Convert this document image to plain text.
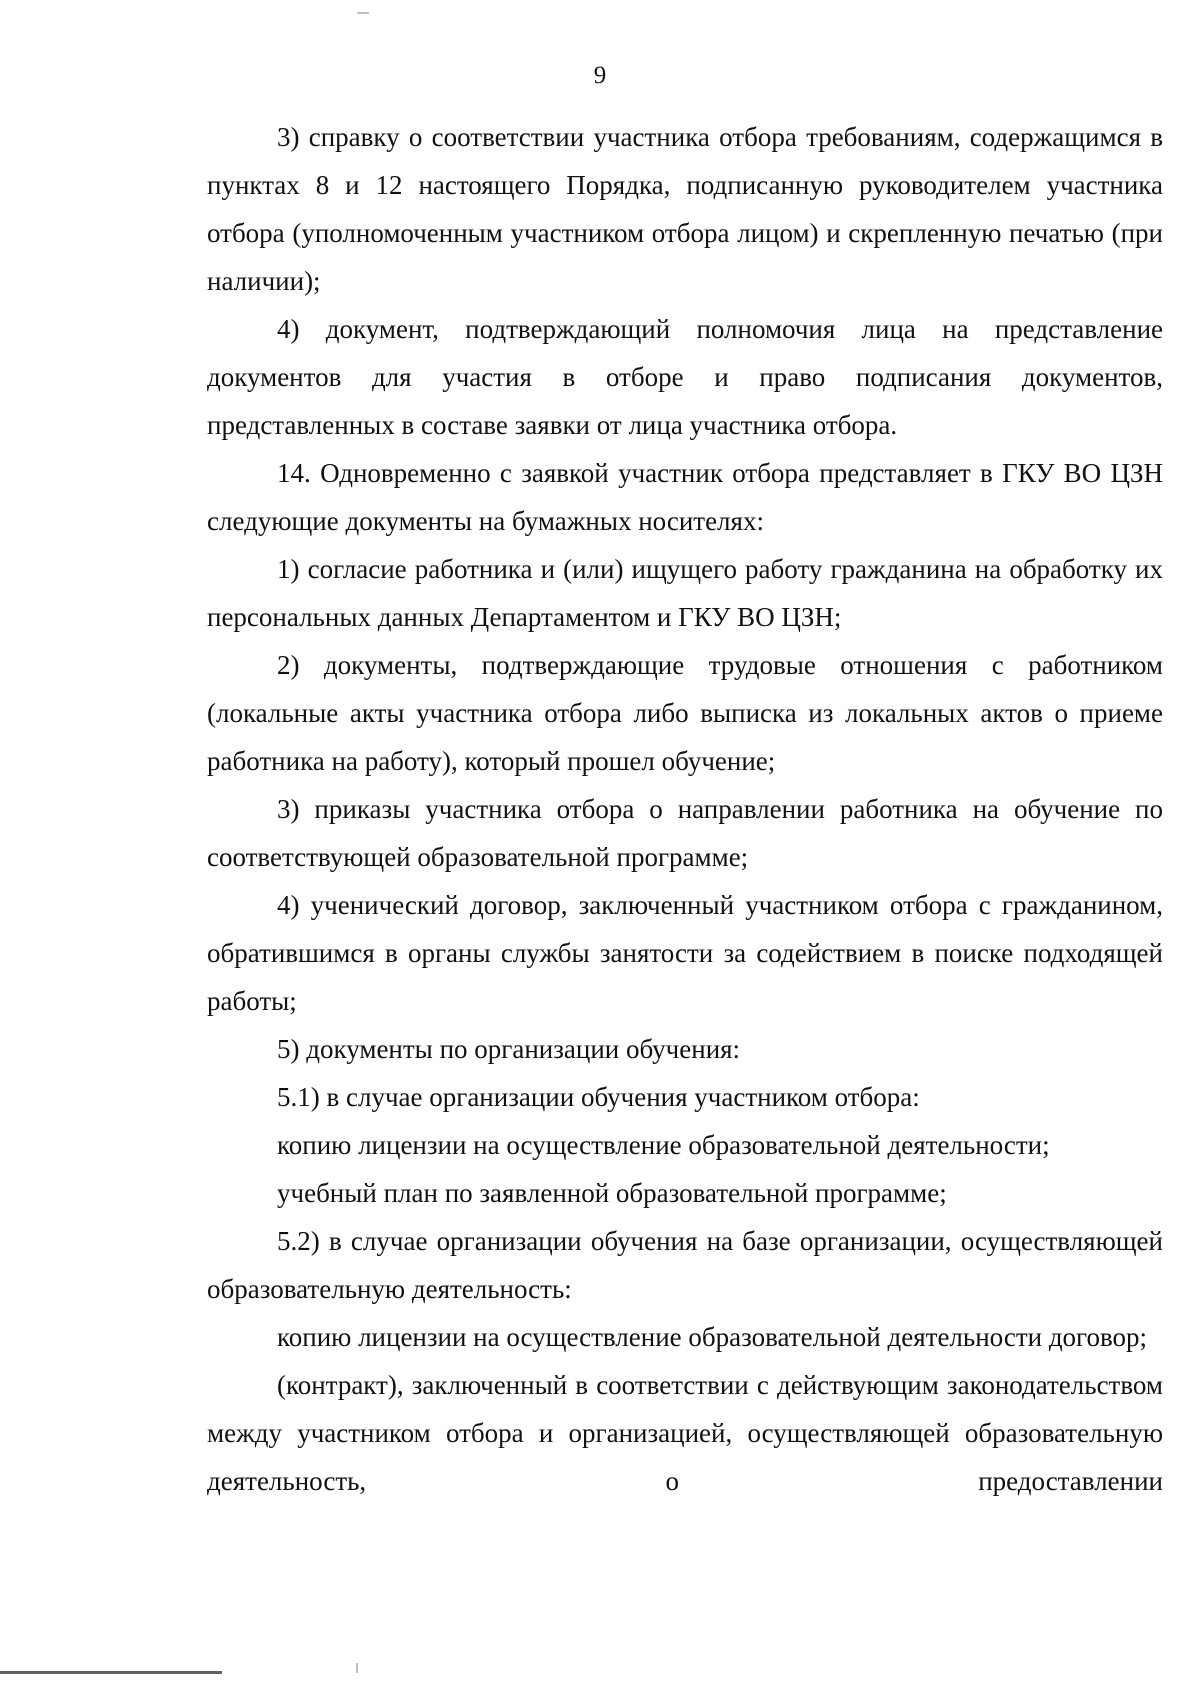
9

3) справку о соответствии участника отбора требованиям, содержащимся в пунктах 8 и 12 настоящего Порядка, подписанную руководителем участника отбора (уполномоченным участником отбора лицом) и скрепленную печатью (при наличии);

4) документ, подтверждающий полномочия лица на представление документов для участия в отборе и право подписания документов, представленных в составе заявки от лица участника отбора.

14. Одновременно с заявкой участник отбора представляет в ГКУ ВО ЦЗН следующие документы на бумажных носителях:

1) согласие работника и (или) ищущего работу гражданина на обработку их персональных данных Департаментом и ГКУ ВО ЦЗН;

2) документы, подтверждающие трудовые отношения с работником (локальные акты участника отбора либо выписка из локальных актов о приеме работника на работу), который прошел обучение;

3) приказы участника отбора о направлении работника на обучение по соответствующей образовательной программе;

4) ученический договор, заключенный участником отбора с гражданином, обратившимся в органы службы занятости за содействием в поиске подходящей работы;

5) документы по организации обучения:

5.1) в случае организации обучения участником отбора:

копию лицензии на осуществление образовательной деятельности;

учебный план по заявленной образовательной программе;

5.2) в случае организации обучения на базе организации, осуществляющей образовательную деятельность:

копию лицензии на осуществление образовательной деятельности договор;

(контракт), заключенный в соответствии с действующим законодательством между участником отбора и организацией, осуществляющей образовательную деятельность, о предоставлении
